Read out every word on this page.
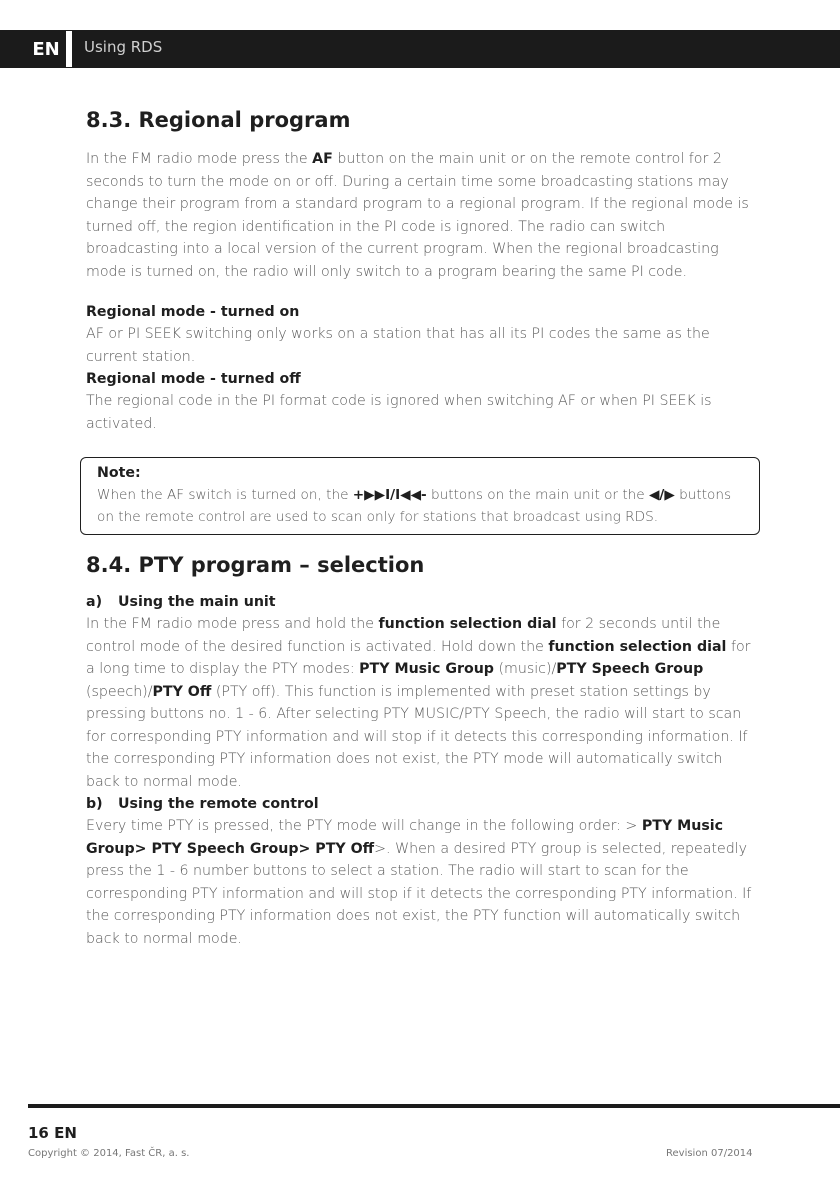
EN	Using RDS
8.3. Regional program

In the FM radio mode press the AF button on the main unit or on the remote control for 2 seconds to turn the mode on or off. During a certain time some broadcasting stations may change their program from a standard program to a regional program. If the regional mode is turned off, the region identification in the PI code is ignored. The radio can switch broadcasting into a local version of the current program. When the regional broadcasting mode is turned on, the radio will only switch to a program bearing the same PI code.

Regional mode - turned on

AF or PI SEEK switching only works on a station that has all its PI codes the same as the current station.

Regional mode - turned off

The regional code in the PI format code is ignored when switching AF or when PI SEEK is activated.

Note:

When the AF switch is turned on, the +▶▶I/I◀◀- buttons on the main unit or the ◀/▶ buttons on the remote control are used to scan only for stations that broadcast using RDS.

8.4. PTY program – selection
a) Using the main unit

In the FM radio mode press and hold the function selection dial for 2 seconds until the control mode of the desired function is activated. Hold down the function selection dial for a long time to display the PTY modes: PTY Music Group (music)/PTY Speech Group (speech)/PTY Off (PTY off). This function is implemented with preset station settings by pressing buttons no. 1 - 6. After selecting PTY MUSIC/PTY Speech, the radio will start to scan for corresponding PTY information and will stop if it detects this corresponding information. If the corresponding PTY information does not exist, the PTY mode will automatically switch back to normal mode.

b) Using the remote control

Every time PTY is pressed, the PTY mode will change in the following order: > PTY Music Group> PTY Speech Group> PTY Off>. When a desired PTY group is selected, repeatedly press the 1 - 6 number buttons to select a station. The radio will start to scan for the corresponding PTY information and will stop if it detects the corresponding PTY information. If the corresponding PTY information does not exist, the PTY function will automatically switch back to normal mode.

16 EN
Copyright © 2014, Fast ČR, a. s.	Revision 07/2014
